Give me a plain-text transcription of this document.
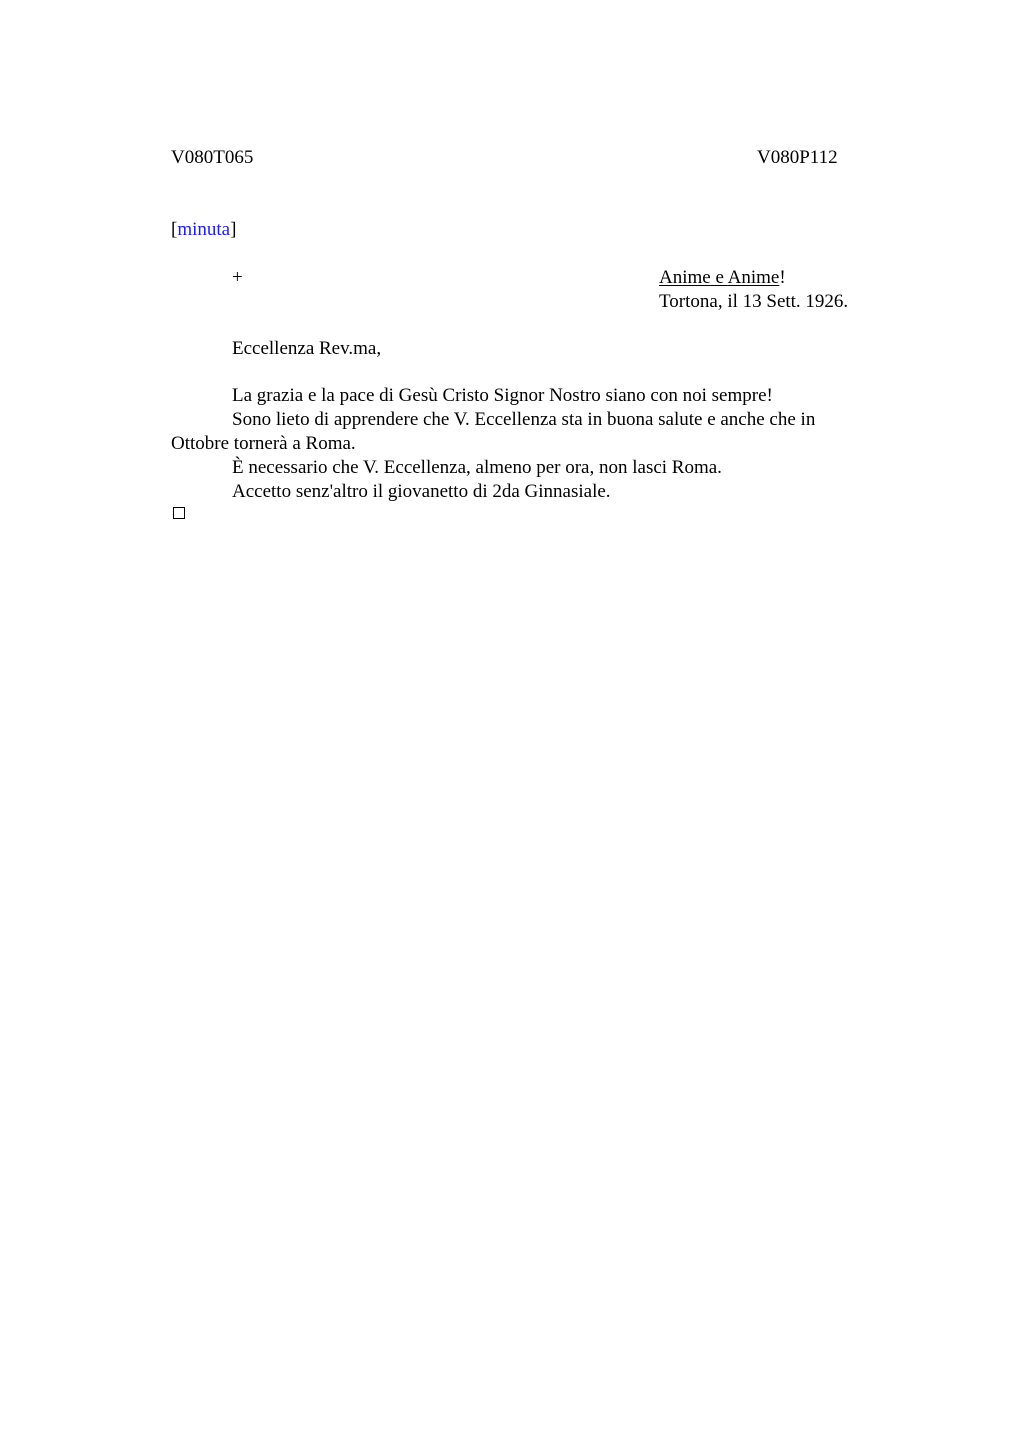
V080T065	V080P112
[minuta]
+	Anime e Anime!
Tortona, il 13 Sett. 1926.
Eccellenza Rev.ma,
La grazia e la pace di Gesù Cristo Signor Nostro siano con noi sempre!
Sono lieto di apprendere che V. Eccellenza sta in buona salute e anche che in
Ottobre tornerà a Roma.
È necessario che V. Eccellenza, almeno per ora, non lasci Roma.
Accetto senz'altro il giovanetto di 2da Ginnasiale.
